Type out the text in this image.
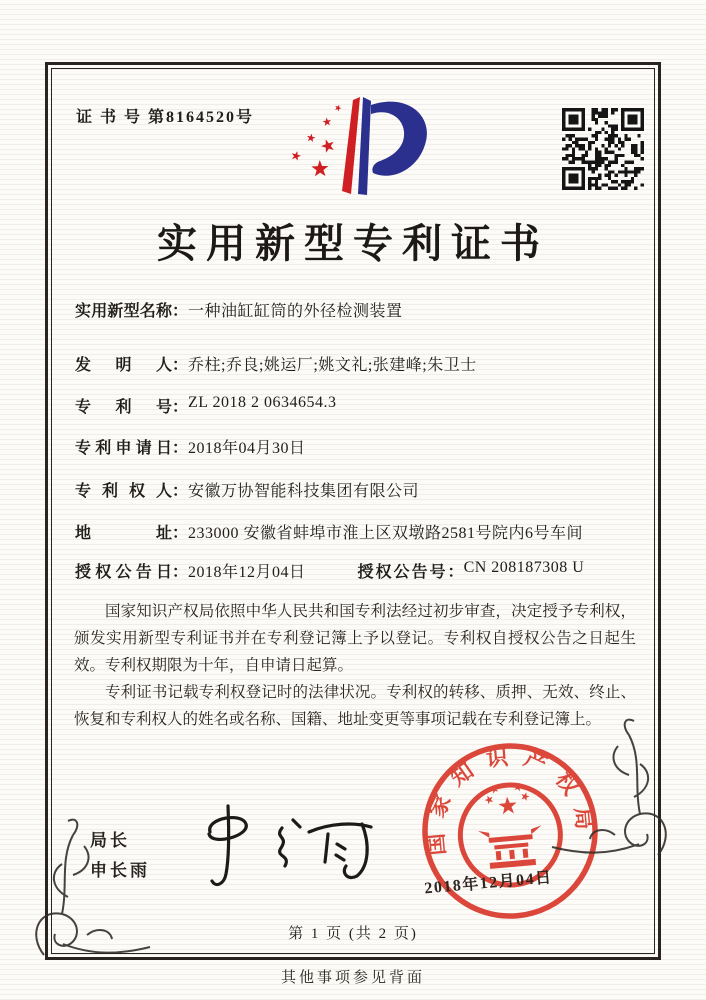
证 书 号 第8164520号
实用新型专利证书
实用新型名称 ： 一种油缸缸筒的外径检测装置
发明人 ： 乔柱;乔良;姚运厂;姚文礼;张建峰;朱卫士
专利号 ： ZL 2018 2 0634654.3
专利申请日 ： 2018年04月30日
专利权人 ： 安徽万协智能科技集团有限公司
地址 ： 233000 安徽省蚌埠市淮上区双墩路2581号院内6号车间
授权公告日 ： 2018年12月04日	授权公告号 ： CN 208187308 U

国家知识产权局依照中华人民共和国专利法经过初步审查，决定授予专利权，颁发实用新型专利证书并在专利登记簿上予以登记。专利权自授权公告之日起生效。专利权期限为十年，自申请日起算。

专利证书记载专利权登记时的法律状况。专利权的转移、质押、无效、终止、恢复和专利权人的姓名或名称、国籍、地址变更等事项记载在专利登记簿上。

局长
申长雨
国家知识产权局
2018年12月04日
第 1 页 (共 2 页)
其他事项参见背面
